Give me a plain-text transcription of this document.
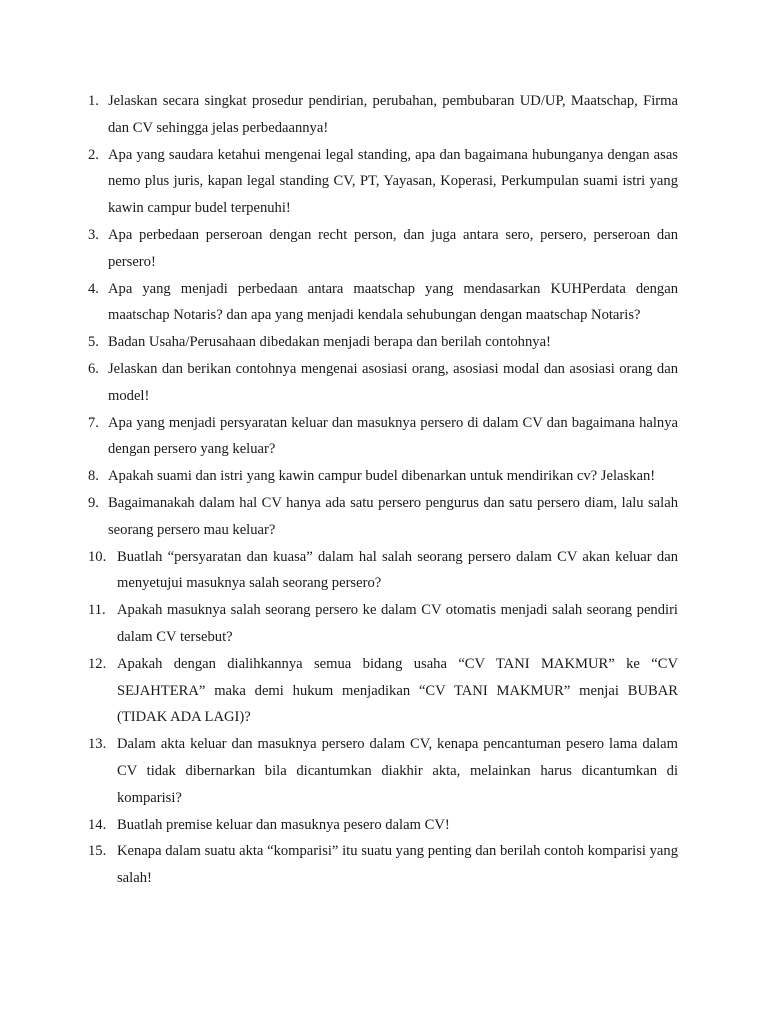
1. Jelaskan secara singkat prosedur pendirian, perubahan, pembubaran UD/UP, Maatschap, Firma dan CV sehingga jelas perbedaannya!
2. Apa yang saudara ketahui mengenai legal standing, apa dan bagaimana hubunganya dengan asas nemo plus juris, kapan legal standing CV, PT, Yayasan, Koperasi, Perkumpulan suami istri yang kawin campur budel terpenuhi!
3. Apa perbedaan perseroan dengan recht person, dan juga antara sero, persero, perseroan dan persero!
4. Apa yang menjadi perbedaan antara maatschap yang mendasarkan KUHPerdata dengan maatschap Notaris? dan apa yang menjadi kendala sehubungan dengan maatschap Notaris?
5. Badan Usaha/Perusahaan dibedakan menjadi berapa dan berilah contohnya!
6. Jelaskan dan berikan contohnya mengenai asosiasi orang, asosiasi modal dan asosiasi orang dan model!
7. Apa yang menjadi persyaratan keluar dan masuknya persero di dalam CV dan bagaimana halnya dengan persero yang keluar?
8. Apakah suami dan istri yang kawin campur budel dibenarkan untuk mendirikan cv? Jelaskan!
9. Bagaimanakah dalam hal CV hanya ada satu persero pengurus dan satu persero diam, lalu salah seorang persero mau keluar?
10. Buatlah “persyaratan dan kuasa” dalam hal salah seorang persero dalam CV akan keluar dan menyetujui masuknya salah seorang persero?
11. Apakah masuknya salah seorang persero ke dalam CV otomatis menjadi salah seorang pendiri dalam CV tersebut?
12. Apakah dengan dialihkannya semua bidang usaha “CV TANI MAKMUR” ke “CV SEJAHTERA” maka demi hukum menjadikan “CV TANI MAKMUR” menjai BUBAR (TIDAK ADA LAGI)?
13. Dalam akta keluar dan masuknya persero dalam CV, kenapa pencantuman pesero lama dalam CV tidak dibernarkan bila dicantumkan diakhir akta, melainkan harus dicantumkan di komparisi?
14. Buatlah premise keluar dan masuknya pesero dalam CV!
15. Kenapa dalam suatu akta “komparisi” itu suatu yang penting dan berilah contoh komparisi yang salah!
